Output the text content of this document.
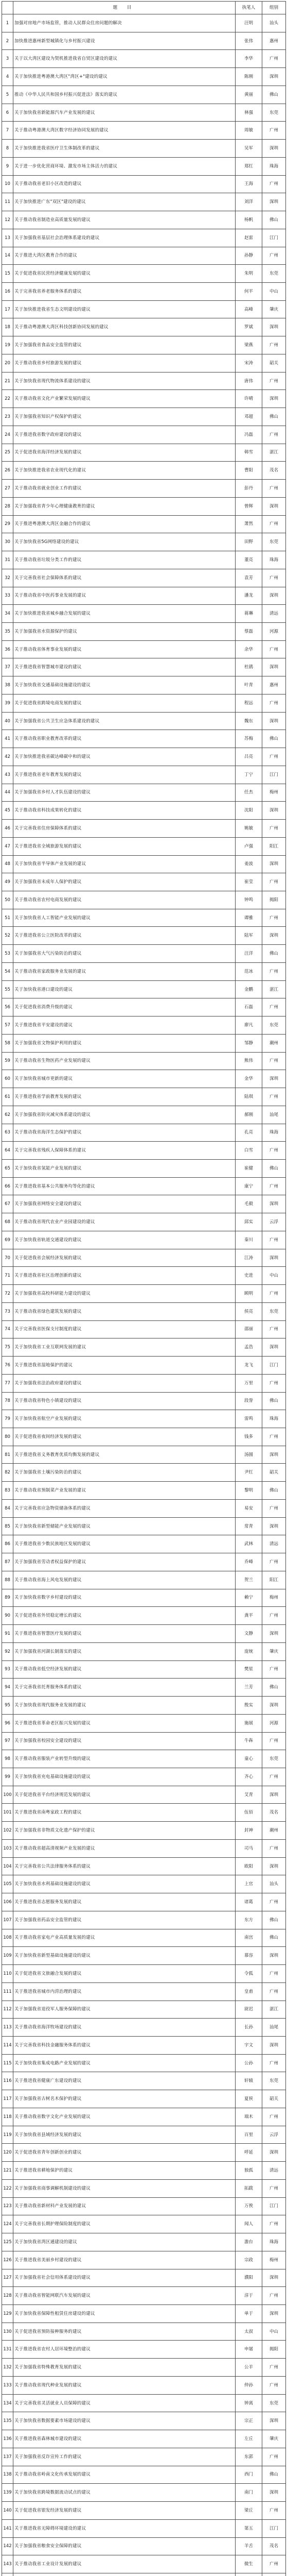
	题 目	执笔人	组别
1	加强对房地产市场监管，推动人民群众住房问题的解决	汪明	汕头
2	加快推进惠州新型城镇化与乡村振兴建设	张伟	惠州
3	关于以大湾区建设为契机推进我省自贸区建设的建议	李华	广州
4	关于加快推进粤港澳大湾区"湾区+"建设的建议	陈刚	深圳
5	推动《中华人民共和国乡村振兴促进法》落实的建议	黄丽	佛山
6	关于加快我省新能源汽车产业发展的建议	林强	东莞
7	关于推动粤港澳大湾区数字经济协同发展的建议	周敏	广州
8	关于加快推进我省医疗卫生体制改革的建议	吴军	深圳
9	关于进一步优化营商环境、激发市场主体活力的建议	郑红	珠海
10	关于推动我省老旧小区改造的建议	王海	广州
11	关于加快推进广东"双区"建设的建议	刘洋	深圳
12	关于推动我省制造业高质量发展的建议	杨帆	佛山
13	关于加强我省基层社会治理体系建设的建议	赵雷	江门
14	关于推进大湾区教育合作的建议	孙静	广州
15	关于促进我省民营经济健康发展的建议	朱明	东莞
16	关于完善我省养老服务体系的建议	何平	中山
17	关于加快推进我省生态文明建设的建议	高峰	肇庆
18	关于推动粤港澳大湾区科技创新协同发展的建议	罗斌	深圳
19	关于加强我省食品安全监管的建议	梁燕	广州
20	关于推动我省乡村旅游发展的建议	宋涛	韶关
21	关于加快我省现代物流体系建设的建议	唐伟	广州
22	关于推动我省文化产业繁荣发展的建议	许晴	深圳
23	关于加强我省知识产权保护的建议	邓超	佛山
24	关于推进我省数字政府建设的建议	冯磊	广州
25	关于促进我省海洋经济发展的建议	韩雪	湛江
26	关于加快推进我省农业现代化的建议	曹阳	茂名
27	关于推动我省就业创业工作的建议	彭丹	广州
28	关于加强我省青少年心理健康教育的建议	曾辉	深圳
29	关于推进粤港澳大湾区金融合作的建议	萧然	广州
30	关于加快我省5G网络建设的建议	田野	东莞
31	关于推动我省垃圾分类工作的建议	董亮	珠海
32	关于完善我省社会保障体系的建议	袁芳	广州
33	关于推动我省中医药事业发展的建议	潘龙	深圳
34	关于加快推进我省城乡融合发展的建议	蒋琳	清远
35	关于加强我省水资源保护的建议	蔡磊	河源
36	关于推动我省体育事业发展的建议	余华	广州
37	关于推进我省智慧城市建设的建议	杜鹃	深圳
38	关于加快我省交通基础设施建设的建议	叶青	惠州
39	关于促进我省跨境电商发展的建议	程远	广州
40	关于加强我省公共卫生应急体系建设的建议	魏东	深圳
41	关于推动我省职业教育改革的建议	苏梅	佛山
42	关于加快推进我省碳达峰碳中和的建议	吕亮	广州
43	关于推进我省老年教育发展的建议	丁宁	江门
44	关于加强我省乡村人才队伍建设的建议	任杰	梅州
45	关于推动我省科技成果转化的建议	沈阳	深圳
46	关于完善我省住房保障体系的建议	姚敏	广州
47	关于推进我省全域旅游发展的建议	卢强	阳江
48	关于加快我省半导体产业发展的建议	姜波	深圳
49	关于加强我省未成年人保护的建议	崔莹	广州
50	关于推动我省农村电商发展的建议	钟鸣	揭阳
51	关于加快我省人工智能产业发展的建议	谭雅	广州
52	关于推进我省公立医院改革的建议	陆军	深圳
53	关于加强我省大气污染防治的建议	汪洋	佛山
54	关于推动我省家政服务业发展的建议	范冰	广州
55	关于加快我省港口建设的建议	金鹏	湛江
56	关于促进我省消费升级的建议	石磊	广州
57	关于推进我省平安建设的建议	廖凡	东莞
58	关于加强我省文物保护利用的建议	邹静	潮州
59	关于推动我省生物医药产业发展的建议	熊伟	广州
60	关于加快我省城市更新的建议	金华	深圳
61	关于推进我省学前教育发展的建议	陆琪	广州
62	关于加强我省防灾减灾体系建设的建议	郝刚	汕尾
63	关于推动我省海洋生态保护的建议	孔亮	珠海
64	关于完善我省残疾人保障体系的建议	白雪	广州
65	关于加快我省氢能产业发展的建议	崔健	佛山
66	关于推进我省基本公共服务均等化的建议	康宁	广州
67	关于加强我省网络安全建设的建议	毛毅	深圳
68	关于推动我省现代农业产业园建设的建议	邱实	云浮
69	关于加快我省轨道交通建设的建议	秦川	广州
70	关于促进我省会展经济发展的建议	江涛	深圳
71	关于推进我省社区治理创新的建议	史进	中山
72	关于加强我省高校科研能力建设的建议	顾明	广州
73	关于推动我省绿色建筑发展的建议	侯亮	东莞
74	关于完善我省医保支付制度的建议	邵丽	广州
75	关于加快我省工业互联网发展的建议	孟浩	深圳
76	关于推进我省湿地保护的建议	龙飞	江门
77	关于加强我省法治政府建设的建议	万里	广州
78	关于推动我省特色小镇建设的建议	段誉	佛山
79	关于加快我省航空产业发展的建议	雷鸣	珠海
80	关于促进我省夜间经济发展的建议	钱多	广州
81	关于推进我省义务教育优质均衡发展的建议	汤圆	深圳
82	关于加强我省土壤污染防治的建议	尹红	韶关
83	关于推动我省预制菜产业发展的建议	黎明	佛山
84	关于完善我省应急物资储备体系的建议	易安	广州
85	关于加快我省新型储能产业发展的建议	常青	深圳
86	关于推进我省少数民族地区发展的建议	武林	清远
87	关于加强我省劳动者权益保护的建议	乔峰	广州
88	关于推动我省海上风电发展的建议	贺兰	阳江
89	关于加快我省数字乡村建设的建议	赖宁	梅州
90	关于促进我省外贸稳定增长的建议	龚平	广州
91	关于推进我省智慧医疗发展的建议	文静	深圳
92	关于加强我省河湖长制落实的建议	庞统	肇庆
93	关于推动我省低空经济发展的建议	樊星	广州
94	关于完善我省托育服务体系的建议	兰芳	佛山
95	关于加快我省现代服务业发展的建议	殷实	深圳
96	关于推进我省革命老区振兴发展的建议	施展	河源
97	关于加强我省校园安全建设的建议	牛犇	广州
98	关于推动我省服装产业转型升级的建议	童心	东莞
99	关于加快我省充电基础设施建设的建议	齐心	广州
100	关于促进我省平台经济规范发展的建议	艾青	深圳
101	关于推进我省南粤家政工程的建议	伍佰	茂名
102	关于加强我省非物质文化遗产保护的建议	封神	潮州
103	关于推动我省超高清视频产业发展的建议	司马	广州
104	关于完善我省公共法律服务体系的建议	欧阳	深圳
105	关于加快我省水利基础设施建设的建议	上官	汕头
106	关于推进我省志愿服务发展的建议	诸葛	广州
107	关于加强我省药品安全监管的建议	东方	佛山
108	关于推动我省家电产业高质量发展的建议	南宫	佛山
109	关于加快我省新型基础设施建设的建议	慕容	深圳
110	关于促进我省文旅融合发展的建议	令狐	广州
111	关于推进我省城市内涝治理的建议	皇甫	广州
112	关于加强我省退役军人服务保障的建议	尉迟	湛江
113	关于推动我省海洋牧场建设的建议	长孙	汕尾
114	关于完善我省科技金融服务体系的建议	宇文	深圳
115	关于加快我省集成电路产业发展的建议	公孙	广州
116	关于推进我省健康广东建设的建议	轩辕	东莞
117	关于加强我省古树名木保护的建议	夏侯	韶关
118	关于推动我省数字文化产业发展的建议	端木	广州
119	关于加快我省县域经济发展的建议	百里	云浮
120	关于促进我省青年创新创业的建议	呼延	深圳
121	关于推进我省耕地保护的建议	独孤	清远
122	关于加强我省商事调解机制建设的建议	拓跋	广州
123	关于推动我省新材料产业发展的建议	万俟	江门
124	关于完善我省长期护理保险制度的建议	闻人	广州
125	关于加快我省湾区通建设的建议	澹台	珠海
126	关于推进我省美丽乡村建设的建议	宗政	梅州
127	关于加强我省社会信用体系建设的建议	濮阳	深圳
128	关于推动我省智能网联汽车发展的建议	淳于	广州
129	关于加快我省保障性租赁住房建设的建议	单于	深圳
130	关于促进我省预防接种服务的建议	太叔	中山
131	关于推进我省农村人居环境整治的建议	申屠	揭阳
132	关于加强我省特殊教育发展的建议	公羊	广州
133	关于推动我省现代种业发展的建议	仲孙	广州
134	关于完善我省灵活就业人员保障的建议	钟离	东莞
135	关于加快我省数据要素市场建设的建议	宗正	深圳
136	关于推进我省森林城市建设的建议	左丘	肇庆
137	关于加强我省反诈宣传工作的建议	东郭	广州
138	关于推动我省岭南文化传承发展的建议	西门	佛山
139	关于加快我省跨境数据流动试点的建议	南门	深圳
140	关于促进我省银发经济发展的建议	梁丘	广州
141	关于推进我省无障碍环境建设的建议	第五	江门
142	关于加强我省粮食安全保障的建议	羊舌	茂名
143	关于推动我省工业设计发展的建议	微生	广州
